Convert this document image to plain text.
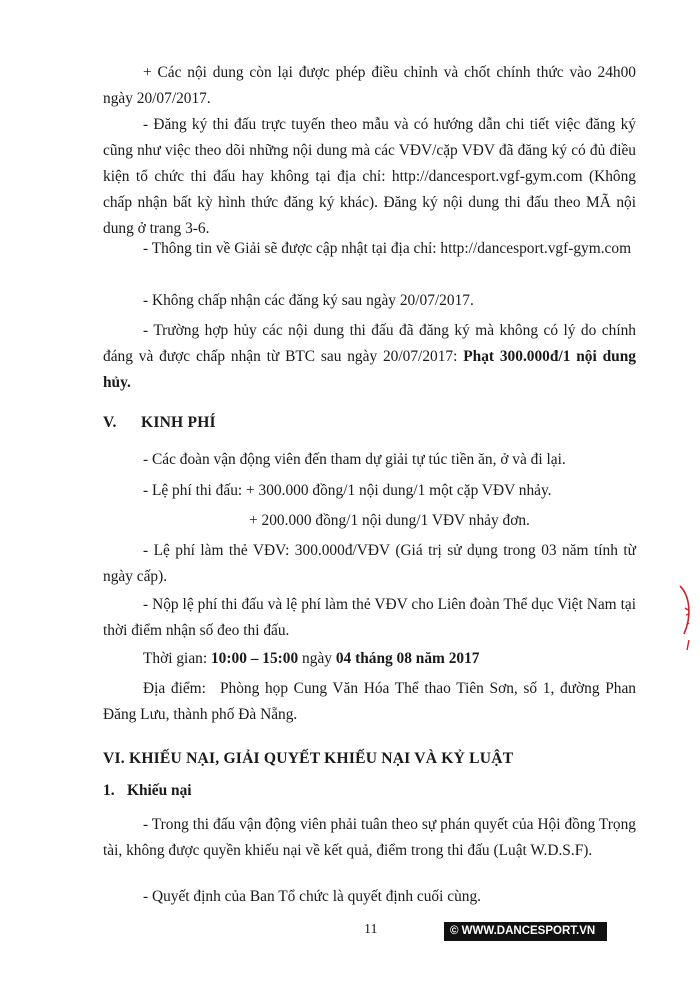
+ Các nội dung còn lại được phép điều chỉnh và chốt chính thức vào 24h00 ngày 20/07/2017.

- Đăng ký thi đấu trực tuyến theo mẫu và có hướng dẫn chi tiết việc đăng ký cũng như việc theo dõi những nội dung mà các VĐV/cặp VĐV đã đăng ký có đủ điều kiện tổ chức thi đấu hay không tại địa chỉ: http://dancesport.vgf-gym.com (Không chấp nhận bất kỳ hình thức đăng ký khác). Đăng ký nội dung thi đấu theo MÃ nội dung ở trang 3-6.

- Thông tin về Giải sẽ được cập nhật tại địa chỉ: http://dancesport.vgf-gym.com

- Không chấp nhận các đăng ký sau ngày 20/07/2017.

- Trường hợp hủy các nội dung thi đấu đã đăng ký mà không có lý do chính đáng và được chấp nhận từ BTC sau ngày 20/07/2017: Phạt 300.000đ/1 nội dung hủy.

V. KINH PHÍ

- Các đoàn vận động viên đến tham dự giải tự túc tiền ăn, ở và đi lại.

- Lệ phí thi đấu: + 300.000 đồng/1 nội dung/1 một cặp VĐV nhảy.

+ 200.000 đồng/1 nội dung/1 VĐV nhảy đơn.

- Lệ phí làm thẻ VĐV: 300.000đ/VĐV (Giá trị sử dụng trong 03 năm tính từ ngày cấp).

- Nộp lệ phí thi đấu và lệ phí làm thẻ VĐV cho Liên đoàn Thể dục Việt Nam tại thời điểm nhận số đeo thi đấu.

Thời gian: 10:00 – 15:00 ngày 04 tháng 08 năm 2017

Địa điểm: Phòng họp Cung Văn Hóa Thể thao Tiên Sơn, số 1, đường Phan Đăng Lưu, thành phố Đà Nẵng.

VI. KHIẾU NẠI, GIẢI QUYẾT KHIẾU NẠI VÀ KỶ LUẬT
1. Khiếu nại

- Trong thi đấu vận động viên phải tuân theo sự phán quyết của Hội đồng Trọng tài, không được quyền khiếu nại về kết quả, điểm trong thi đấu (Luật W.D.S.F).

- Quyết định của Ban Tổ chức là quyết định cuối cùng.

11	© WWW.DANCESPORT.VN
